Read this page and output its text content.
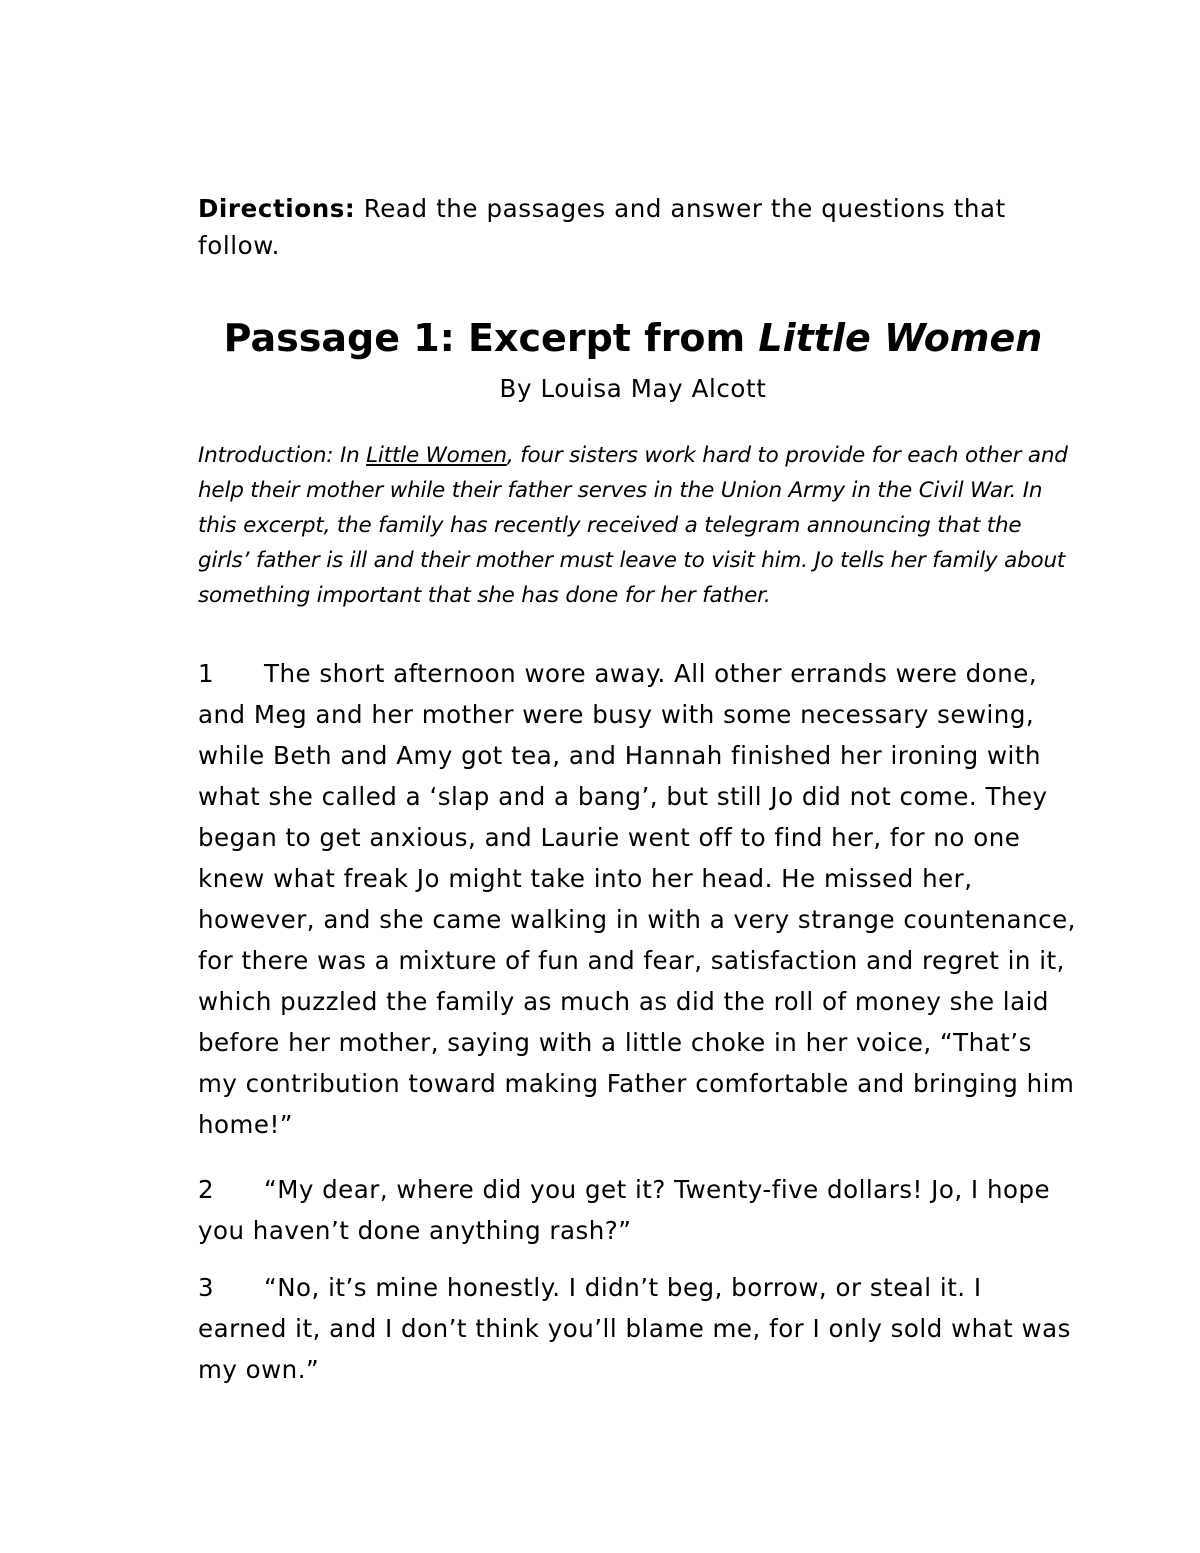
Directions: Read the passages and answer the questions that follow.

Passage 1: Excerpt from Little Women

By Louisa May Alcott

Introduction: In Little Women, four sisters work hard to provide for each other and help their mother while their father serves in the Union Army in the Civil War. In this excerpt, the family has recently received a telegram announcing that the girls’ father is ill and their mother must leave to visit him. Jo tells her family about something important that she has done for her father.

1 The short afternoon wore away. All other errands were done, and Meg and her mother were busy with some necessary sewing, while Beth and Amy got tea, and Hannah finished her ironing with what she called a ‘slap and a bang’, but still Jo did not come. They began to get anxious, and Laurie went off to find her, for no one knew what freak Jo might take into her head. He missed her, however, and she came walking in with a very strange countenance, for there was a mixture of fun and fear, satisfaction and regret in it, which puzzled the family as much as did the roll of money she laid before her mother, saying with a little choke in her voice, “That’s my contribution toward making Father comfortable and bringing him home!”

2 “My dear, where did you get it? Twenty-five dollars! Jo, I hope you haven’t done anything rash?”

3 “No, it’s mine honestly. I didn’t beg, borrow, or steal it. I earned it, and I don’t think you’ll blame me, for I only sold what was my own.”
